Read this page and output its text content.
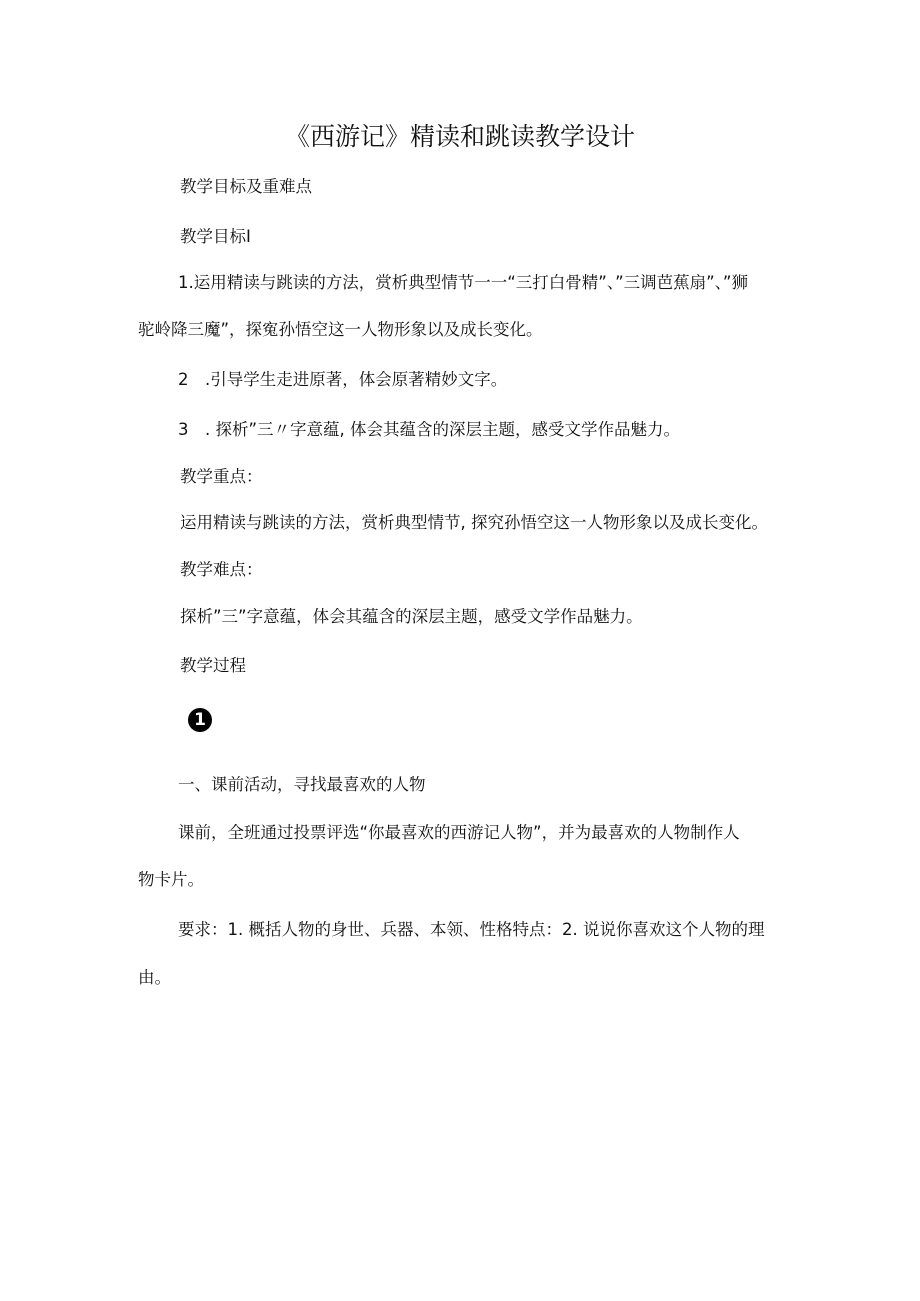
《西游记》精读和跳读教学设计
教学目标及重难点
教学目标I
1.运用精读与跳读的方法，赏析典型情节一一“三打白骨精”、”三调芭蕉扇”、”狮
驼岭降三魔”，探寃孙悟空这一人物形象以及成长变化。
2　.引导学生走进原著，体会原著精妙文字。
3　. 探析”三〃字意蕴, 体会其蕴含的深层主题，感受文学作品魅力。
教学重点：
运用精读与跳读的方法，赏析典型情节, 探究孙悟空这一人物形象以及成长变化。
教学难点：
探析”三”字意蕴，体会其蕴含的深层主题，感受文学作品魅力。
教学过程
1
一、课前活动，寻找最喜欢的人物
课前，全班通过投票评选“你最喜欢的西游记人物”，并为最喜欢的人物制作人
物卡片。
要求：1. 概括人物的身世、兵器、本领、性格特点：2. 说说你喜欢这个人物的理
由。
